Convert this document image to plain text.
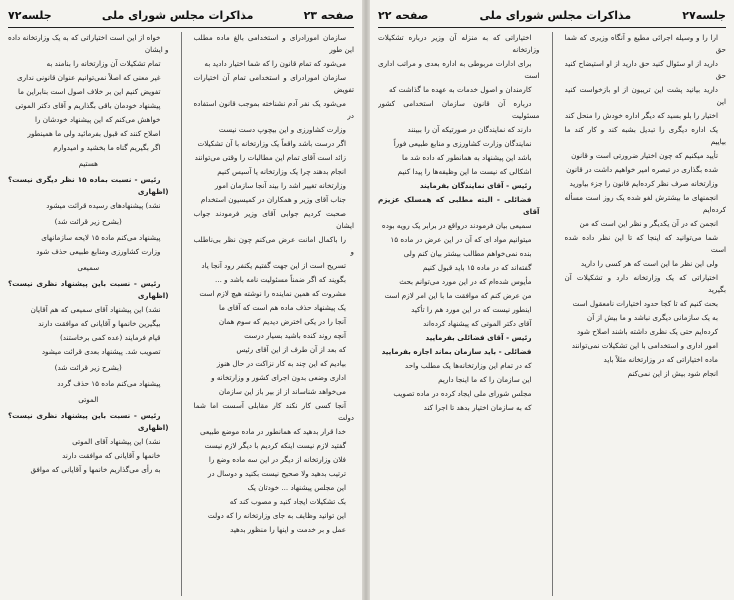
صفحه ۲۳
مذاکرات مجلس شورای ملی
جلسه۷۲

سازمان امورادرای و استخدامی بالغ ماده مطلب این طور

می‌شود که تمام قانون را که شما اختیار دادید به

سازمان امورادرای و استخدامی تمام آن اختیارات تفویض

می‌شود یک نفر آدم نشناخته بموجب قانون استفاده در

وزارت کشاورزی و این بیچوپ دست نیست

اگر درست باشد واقعاً یک وزارتخانه با آن تشکیلات

زائد است آقای تمام این مطالبات را وقتی می‌توانند

انجام بدهند چرا یک وزارتخانه یا آسیس کنیم

وزارتخانه تغییر اشد را بیند آنجا سازمان امور

جناب آقای وزیر و همکاران در کمیسیون استخدام

صحبت کردیم جوابی آقای وزیر فرمودند جواب ایشان

را باکمال امانت عرض می‌کنم چون نظر بی‌ناطلب و

تسریح است از این جهت گفتیم یکنفر رود آنجا یاد

بگویند که اگر ضمناً مسئولیت نامه باشد و ...

مشروت که همین نماینده را نوشته هیچ لازم است

یک پیشنهاد حذف ماده هم است که آقای ما

آنجا را در یکی اخترض دیدیم که سوم همان

آنچه روند کنده باشید بسیار درست

که بعد از آن طرف از این آقای رئیس

بیادیم که این چند به کار نزاکت در حال هنوز

اداری وضعی بدون اجرای کشور و وزارتخانه و

می‌خواهد شناساند از از بیر باز این سازمان

آنجا کسی کار نکند کار مقابلی آسست اما شما دولت

خدا قرار بدهید که همانطور در ماده موضع طبیعی

گفتید لازم نیست اینکه کردیم با دیگر لازم نیست

فلان وزارتخانه از دیگر در این سه ماده وضع را

ترتیب بدهید ولا صحیح نیست بکنید و دوسال در

این مجلس پیشنهاد ... خودتان یک

بک تشکیلات ایجاد کنید و مصوب کند که

این توانید وظایف به جای وزارتخانه را که دولت

عمل و بر خدمت و اینها را منظور بدهید

خواه از این است اختیاراتی که به یک وزارتخانه داده و ایشان

تمام تشکیلات آن وزارتخانه را بنامند به

غیر معنی که اصلاً نمی‌توانیم عنوان قانونی نداری

تفویض کنیم این بر خلاف اصول است بنابراین ما

پیشنهاد خودمان باقی بگذاریم و آقای دکتر الموتی

خواهش می‌کنم که این پیشنهاد خودشان را

اصلاح کنند که قبول بفرمائید ولی ما همینطور

اگر بگیریم گناه ما بخشید و امیدوارم

هستیم

رئیس - نسبت بماده ۱۵ نظر دیگری نیست؟ (اظهاری

نشد) پیشنهادهای رسیده قرائت میشود

(بشرح زیر قرائت شد)

پیشنهاد می‌کنم ماده ۱۵ لایحه سازمانهای

وزارت کشاورزی ومنابع طبیعی حذف شود

سمیعی

رئیس - نسبت باین پیشنهاد نظری نیست؟ (اظهاری

نشد) این پیشنهاد آقای سمیعی که هم آقایان

بیگیرین خانمها و آقایانی که موافقت دارند

قیام فرمایند (عده کمی برخاستند)

تصویب شد. پیشنهاد بعدی قرائت میشود

(بشرح زیر قرائت شد)

پیشنهاد می‌کنم ماده ۱۵ حذف گردد

الموتی

رئیس - نسبت باین پیشنهاد نظری نیست؟ (اظهاری

نشد) این پیشنهاد آقای الموتی

خانمها و آقایانی که موافقت دارند

به رأی می‌گذاریم خانمها و آقایانی که موافق

جلسه۲۷
مذاکرات مجلس شورای ملی
صفحه ۲۲

ارا را و وسیله اجرائی مطیع و آنگاه وزیری که شما حق

دارید از او سئوال کنید حق دارید از او استیضاح کنید حق

دارید بیانید پشت این تریبون از او بازخواست کنید این

اختیار را بلو بسید که دیگر اداره خودش را منحل کند

یک اداره دیگری را تبدیل بشبه کند و کار کند ما بیاییم

تأیید میکنیم که چون اختیار ضرورتی است و قانون

شده بگذاری در تبصره امیر خواهیم داشت در قانون

وزارتخانه صرف نظر کرده‌ایم قانون را جزء بیاورید

انجمنهای ما بیشترش لغو شده یک روز است مسأله کرده‌ایم

انجمن که در آن یکدیگر و نظر این است که من

شما می‌توانید که اینجا که تا این نظر داده شده است

ولی این نظر ما این است که هر کسی را دارید

اختیاراتی که یک وزارتخانه دارد و تشکیلات آن بگیرید

بحث کنیم که تا کجا حدود اختیارات نامعقول است

به یک سازمانی دیگری نباشد و ما بیش از آن

کرده‌ایم حتی یک نظری داشته باشند اصلاح شود

امور اداری و استخدامی با این تشکیلات نمی‌توانند

ماده اختیاراتی که در وزارتخانه مثلاً باید

انجام شود بیش از این نمی‌کنم

اختیاراتی که به منزله آن وزیر درباره تشکیلات وزارتخانه

برای ادارات مربوطی به اداره بعدی و مراتب اداری است

کارمندان و اصول خدمات به عهده ما گذاشت که

درباره آن قانون سازمان استخدامی کشور مسئولیت

دارند که نمایندگان در صورتیکه آن را ببینند

نمایندگان وزارت کشاورزی و منابع طبیعی فوراً

باشد این پیشنهاد به همانطور که داده شد ما

اشکالی که نیست ما این وظیفه‌ها را پیدا کنیم

رئیس - آقای نمایندگان بفرمایند

فضائلی - البته مطلبی که همسلک عزیزم آقای

سمیعی بیان فرمودند درواقع در برابر یک رویه بوده

میتوانیم مواد ای که آن در این عرض در ماده ۱۵

بنده نمی‌خواهم مطالب بیشتر بیان کنم ولی

گفته‌اند که در ماده ۱۵ باید قبول کنیم

مأیوس شده‌ام که در این مورد می‌توانم بحث

من عرض کنم که موافقت ما با این امر لازم است

اینطور نیست که در این مورد هم را تأکید

آقای دکتر الموتی که پیشنهاد کرده‌اند

رئیس - آقای فضائلی بفرمایید

فضائلی - باید سازمان بماند اجازه بفرمایید

که در تمام این وزارتخانه‌ها یک مطلب واحد

این سازمان را که ما اینجا داریم

مجلس شورای ملی ایجاد کرده در ماده تصویب

که به سازمان اختیار بدهد تا اجرا کند
